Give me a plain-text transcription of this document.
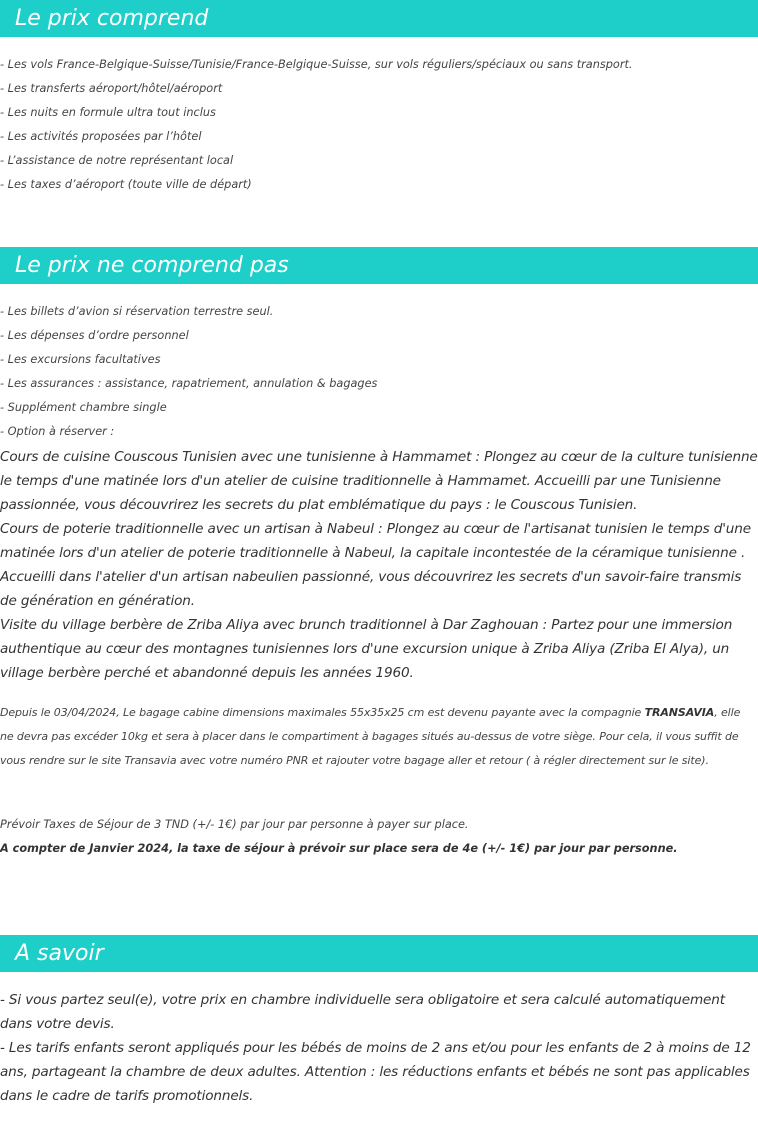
Le prix comprend
- Les vols France-Belgique-Suisse/Tunisie/France-Belgique-Suisse, sur vols réguliers/spéciaux ou sans transport.
- Les transferts aéroport/hôtel/aéroport
- Les nuits en formule ultra tout inclus
- Les activités proposées par l’hôtel
- L’assistance de notre représentant local
- Les taxes d’aéroport (toute ville de départ)
Le prix ne comprend pas
- Les billets d’avion si réservation terrestre seul.
- Les dépenses d’ordre personnel
- Les excursions facultatives
- Les assurances : assistance, rapatriement, annulation & bagages
- Supplément chambre single
- Option à réserver :
Cours de cuisine Couscous Tunisien avec une tunisienne à Hammamet : Plongez au cœur de la culture tunisienne le temps d'une matinée lors d'un atelier de cuisine traditionnelle à Hammamet. Accueilli par une Tunisienne passionnée, vous découvrirez les secrets du plat emblématique du pays : le Couscous Tunisien.
Cours de poterie traditionnelle avec un artisan à Nabeul : Plongez au cœur de l'artisanat tunisien le temps d'une matinée lors d'un atelier de poterie traditionnelle à Nabeul, la capitale incontestée de la céramique tunisienne . Accueilli dans l'atelier d'un artisan nabeulien passionné, vous découvrirez les secrets d'un savoir-faire transmis de génération en génération.
Visite du village berbère de Zriba Aliya avec brunch traditionnel à Dar Zaghouan : Partez pour une immersion authentique au cœur des montagnes tunisiennes lors d'une excursion unique à Zriba Aliya (Zriba El Alya), un village berbère perché et abandonné depuis les années 1960.
Depuis le 03/04/2024, Le bagage cabine dimensions maximales 55x35x25 cm est devenu payante avec la compagnie TRANSAVIA, elle ne devra pas excéder 10kg et sera à placer dans le compartiment à bagages situés au-dessus de votre siège. Pour cela, il vous suffit de vous rendre sur le site Transavia avec votre numéro PNR et rajouter votre bagage aller et retour ( à régler directement sur le site).
Prévoir Taxes de Séjour de 3 TND (+/- 1€) par jour par personne à payer sur place.
A compter de Janvier 2024, la taxe de séjour à prévoir sur place sera de 4e (+/- 1€) par jour par personne.
A savoir
- Si vous partez seul(e), votre prix en chambre individuelle sera obligatoire et sera calculé automatiquement dans votre devis.
- Les tarifs enfants seront appliqués pour les bébés de moins de 2 ans et/ou pour les enfants de 2 à moins de 12 ans, partageant la chambre de deux adultes. Attention : les réductions enfants et bébés ne sont pas applicables dans le cadre de tarifs promotionnels.
